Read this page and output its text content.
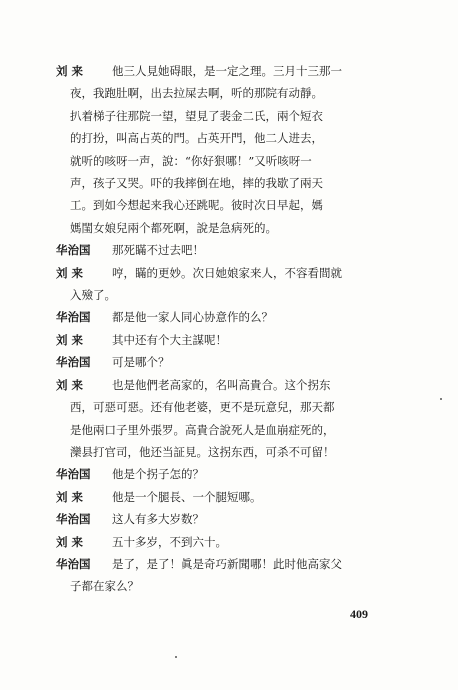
刘 来	他三人見她碍眼，是一定之理。三月十三那一
夜，我跑肚啊，出去拉屎去啊，听的那院有动靜。
扒着梯子往那院一望，望見了裴金二氏，兩个短衣
的打扮，叫高占英的門。占英开門，他二人进去，
就听的咳呀一声，說：“你好狠哪！”又听咳呀一
声，孩子又哭。吓的我摔倒在地，摔的我歇了兩天
工。到如今想起来我心还跳呢。彼时次日早起，媽
媽閨女娘兒兩个都死啊，說是急病死的。
华治国 那死瞞不过去吧！
刘 来	哼，瞞的更妙。次日她娘家来人，不容看間就
入殮了。
华治国 都是他一家人同心协意作的么？
刘 来	其中还有个大主謀呢！
华治国 可是哪个？
刘 来	也是他們老高家的，名叫高貴合。这个拐东
西，可惡可惡。还有他老婆，更不是玩意兒，那天都
是他兩口子里外張罗。高貴合說死人是血崩症死的，
灤县打官司，他还当証見。这拐东西，可杀不可留！
华治国 他是个拐子怎的？
刘 来	他是一个腿長、一个腿短哪。
华治国 这人有多大岁数？
刘 来	五十多岁，不到六十。
华治国 是了，是了！眞是奇巧新聞哪！此时他高家父
子都在家么？
409
